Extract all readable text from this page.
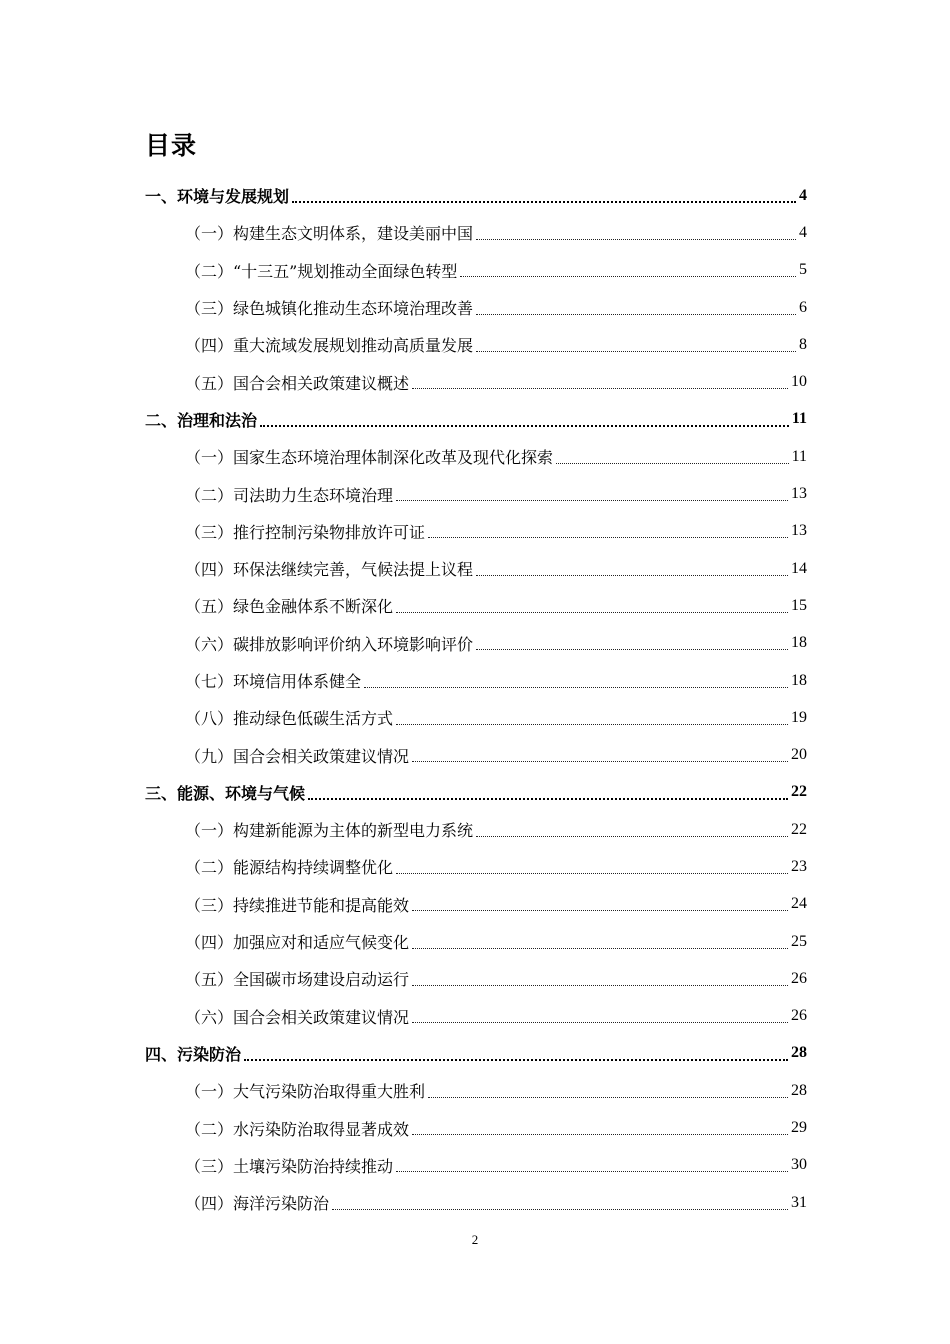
目录
一、环境与发展规划	4
（一）构建生态文明体系，建设美丽中国	4
（二）“十三五”规划推动全面绿色转型	5
（三）绿色城镇化推动生态环境治理改善	6
（四）重大流域发展规划推动高质量发展	8
（五）国合会相关政策建议概述	10
二、治理和法治	11
（一）国家生态环境治理体制深化改革及现代化探索	11
（二）司法助力生态环境治理	13
（三）推行控制污染物排放许可证	13
（四）环保法继续完善，气候法提上议程	14
（五）绿色金融体系不断深化	15
（六）碳排放影响评价纳入环境影响评价	18
（七）环境信用体系健全	18
（八）推动绿色低碳生活方式	19
（九）国合会相关政策建议情况	20
三、能源、环境与气候	22
（一）构建新能源为主体的新型电力系统	22
（二）能源结构持续调整优化	23
（三）持续推进节能和提高能效	24
（四）加强应对和适应气候变化	25
（五）全国碳市场建设启动运行	26
（六）国合会相关政策建议情况	26
四、污染防治	28
（一）大气污染防治取得重大胜利	28
（二）水污染防治取得显著成效	29
（三）土壤污染防治持续推动	30
（四）海洋污染防治	31
2
